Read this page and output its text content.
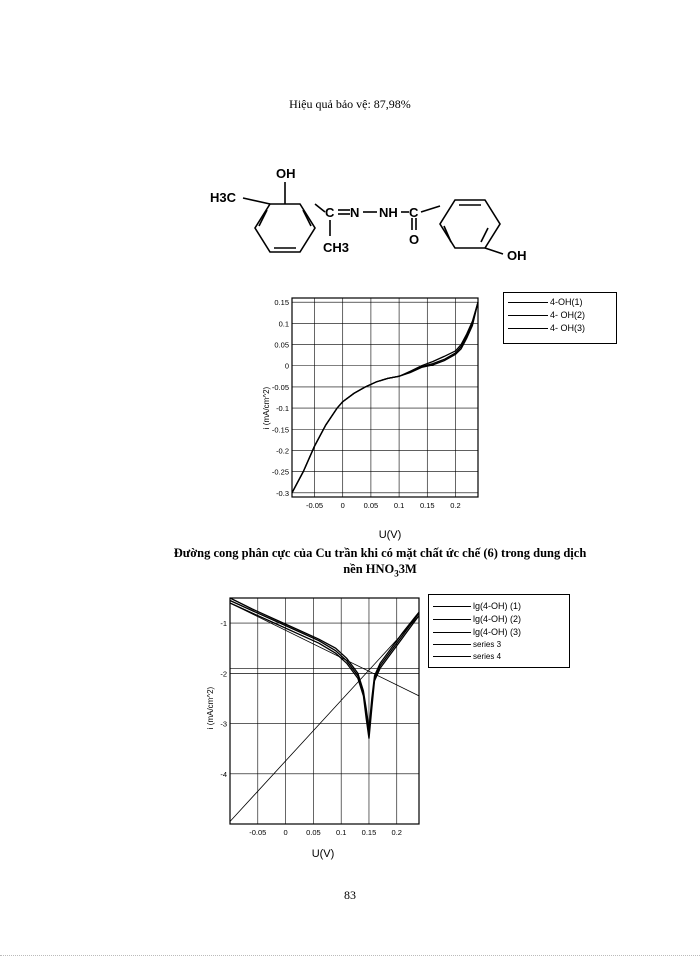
Hiệu quả bảo vệ: 87,98%
OH
H3C
C N NH C
O
CH3
OH
-0.05 0	0.05 0.1 0.15 0.2
0.15
0.1
0.05
0
-0.05
-0.1
-0.15
-0.2
-0.25
-0.3
i (mA/cm^2)
U(V)
4-OH(1)
4- OH(2)
4- OH(3)
Đường cong phân cực của Cu trần khi có mặt chất ức chế (6) trong dung dịch
nền $HNO_33M$
-0.05 0 0.05 0.1 0.15 0.2
-1
-2
-3
-4
i (mA/cm^2)
U(V)
lg(4-OH) (1)
lg(4-OH) (2)
lg(4-OH) (3)
series 3
series 4
83
